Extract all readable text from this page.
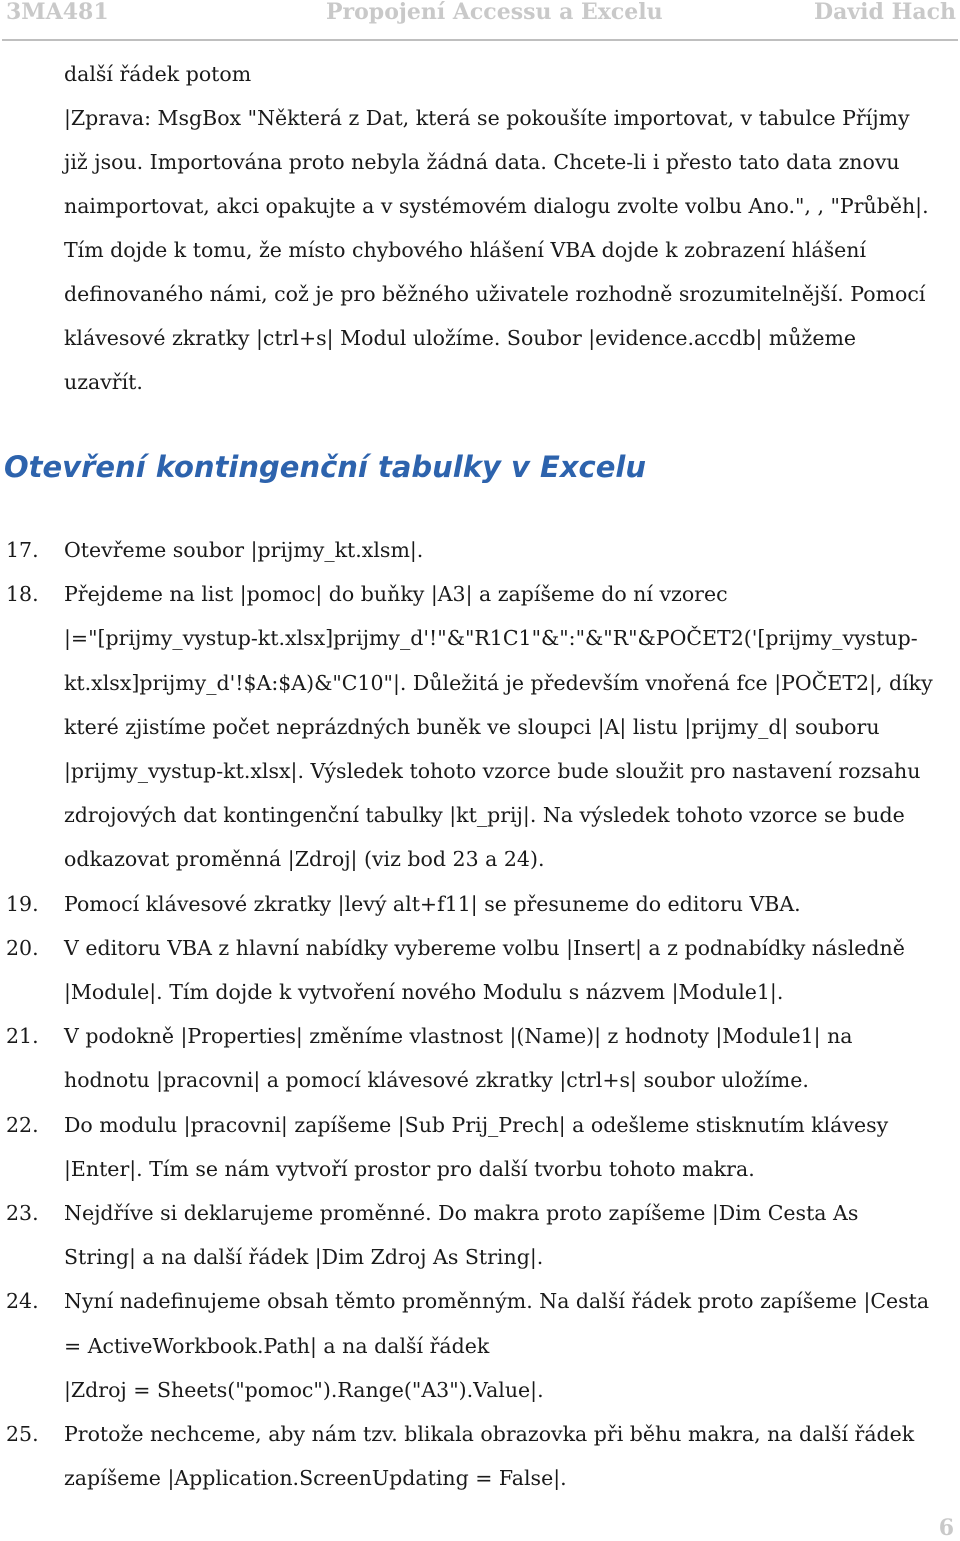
3MA481	Propojení Accessu a Excelu	David Hach

další řádek potom

|Zprava: MsgBox "Některá z Dat, která se pokoušíte importovat, v tabulce Příjmy

již jsou. Importována proto nebyla žádná data. Chcete-li i přesto tato data znovu

naimportovat, akci opakujte a v systémovém dialogu zvolte volbu Ano.", , "Průběh|.

Tím dojde k tomu, že místo chybového hlášení VBA dojde k zobrazení hlášení

definovaného námi, což je pro běžného uživatele rozhodně srozumitelnější. Pomocí

klávesové zkratky |ctrl+s| Modul uložíme. Soubor |evidence.accdb| můžeme

uzavřít.

Otevření kontingenční tabulky v Excelu
17. Otevřeme soubor |prijmy_kt.xlsm|.
18. Přejdeme na list |pomoc| do buňky |A3| a zapíšeme do ní vzorec
|="[prijmy_vystup-kt.xlsx]prijmy_d'!"&"R1C1"&":"&"R"&POČET2('[prijmy_vystup-
kt.xlsx]prijmy_d'!$A:$A)&"C10"|. Důležitá je především vnořená fce |POČET2|, díky
které zjistíme počet neprázdných buněk ve sloupci |A| listu |prijmy_d| souboru
|prijmy_vystup-kt.xlsx|. Výsledek tohoto vzorce bude sloužit pro nastavení rozsahu
zdrojových dat kontingenční tabulky |kt_prij|. Na výsledek tohoto vzorce se bude
odkazovat proměnná |Zdroj| (viz bod 23 a 24).
19. Pomocí klávesové zkratky |levý alt+f11| se přesuneme do editoru VBA.
20. V editoru VBA z hlavní nabídky vybereme volbu |Insert| a z podnabídky následně
|Module|. Tím dojde k vytvoření nového Modulu s názvem |Module1|.
21. V podokně |Properties| změníme vlastnost |(Name)| z hodnoty |Module1| na
hodnotu |pracovni| a pomocí klávesové zkratky |ctrl+s| soubor uložíme.
22. Do modulu |pracovni| zapíšeme |Sub Prij_Prech| a odešleme stisknutím klávesy
|Enter|. Tím se nám vytvoří prostor pro další tvorbu tohoto makra.
23. Nejdříve si deklarujeme proměnné. Do makra proto zapíšeme |Dim Cesta As
String| a na další řádek |Dim Zdroj As String|.
24. Nyní nadefinujeme obsah těmto proměnným. Na další řádek proto zapíšeme |Cesta
= ActiveWorkbook.Path| a na další řádek
|Zdroj = Sheets("pomoc").Range("A3").Value|.
25. Protože nechceme, aby nám tzv. blikala obrazovka při běhu makra, na další řádek
zapíšeme |Application.ScreenUpdating = False|.
6
